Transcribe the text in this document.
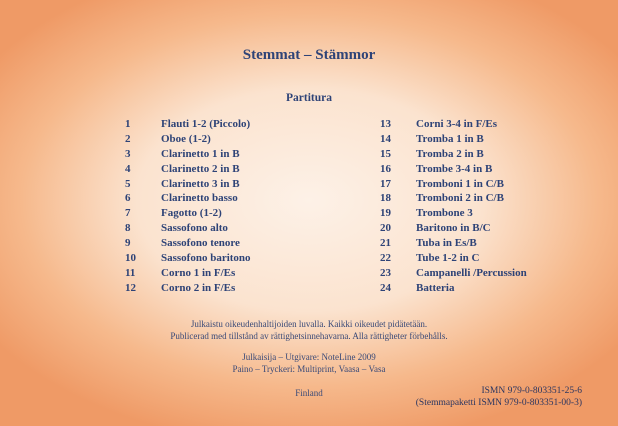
Stemmat – Stämmor
Partitura
1	Flauti 1-2 (Piccolo)
2	Oboe (1-2)
3	Clarinetto 1 in B
4	Clarinetto 2 in B
5	Clarinetto 3 in B
6	Clarinetto basso
7	Fagotto (1-2)
8	Sassofono alto
9	Sassofono tenore
10 Sassofono baritono
11 Corno 1 in F/Es
12 Corno 2 in F/Es
13 Corni 3-4 in F/Es
14 Tromba 1 in B
15 Tromba 2 in B
16 Trombe 3-4 in B
17 Tromboni 1 in C/B
18 Tromboni 2 in C/B
19 Trombone 3
20 Baritono in B/C
21 Tuba in Es/B
22 Tube 1-2 in C
23 Campanelli /Percussion
24 Batteria
Julkaistu oikeudenhaltijoiden luvalla. Kaikki oikeudet pidätetään.
Publicerad med tillstånd av rättighetsinnehavarna. Alla rättigheter förbehålls.
Julkaisija – Utgivare: NoteLine 2009
Paino – Tryckeri: Multiprint, Vaasa – Vasa
Finland	ISMN 979-0-803351-25-6
(Stemmapaketti ISMN 979-0-803351-00-3)
